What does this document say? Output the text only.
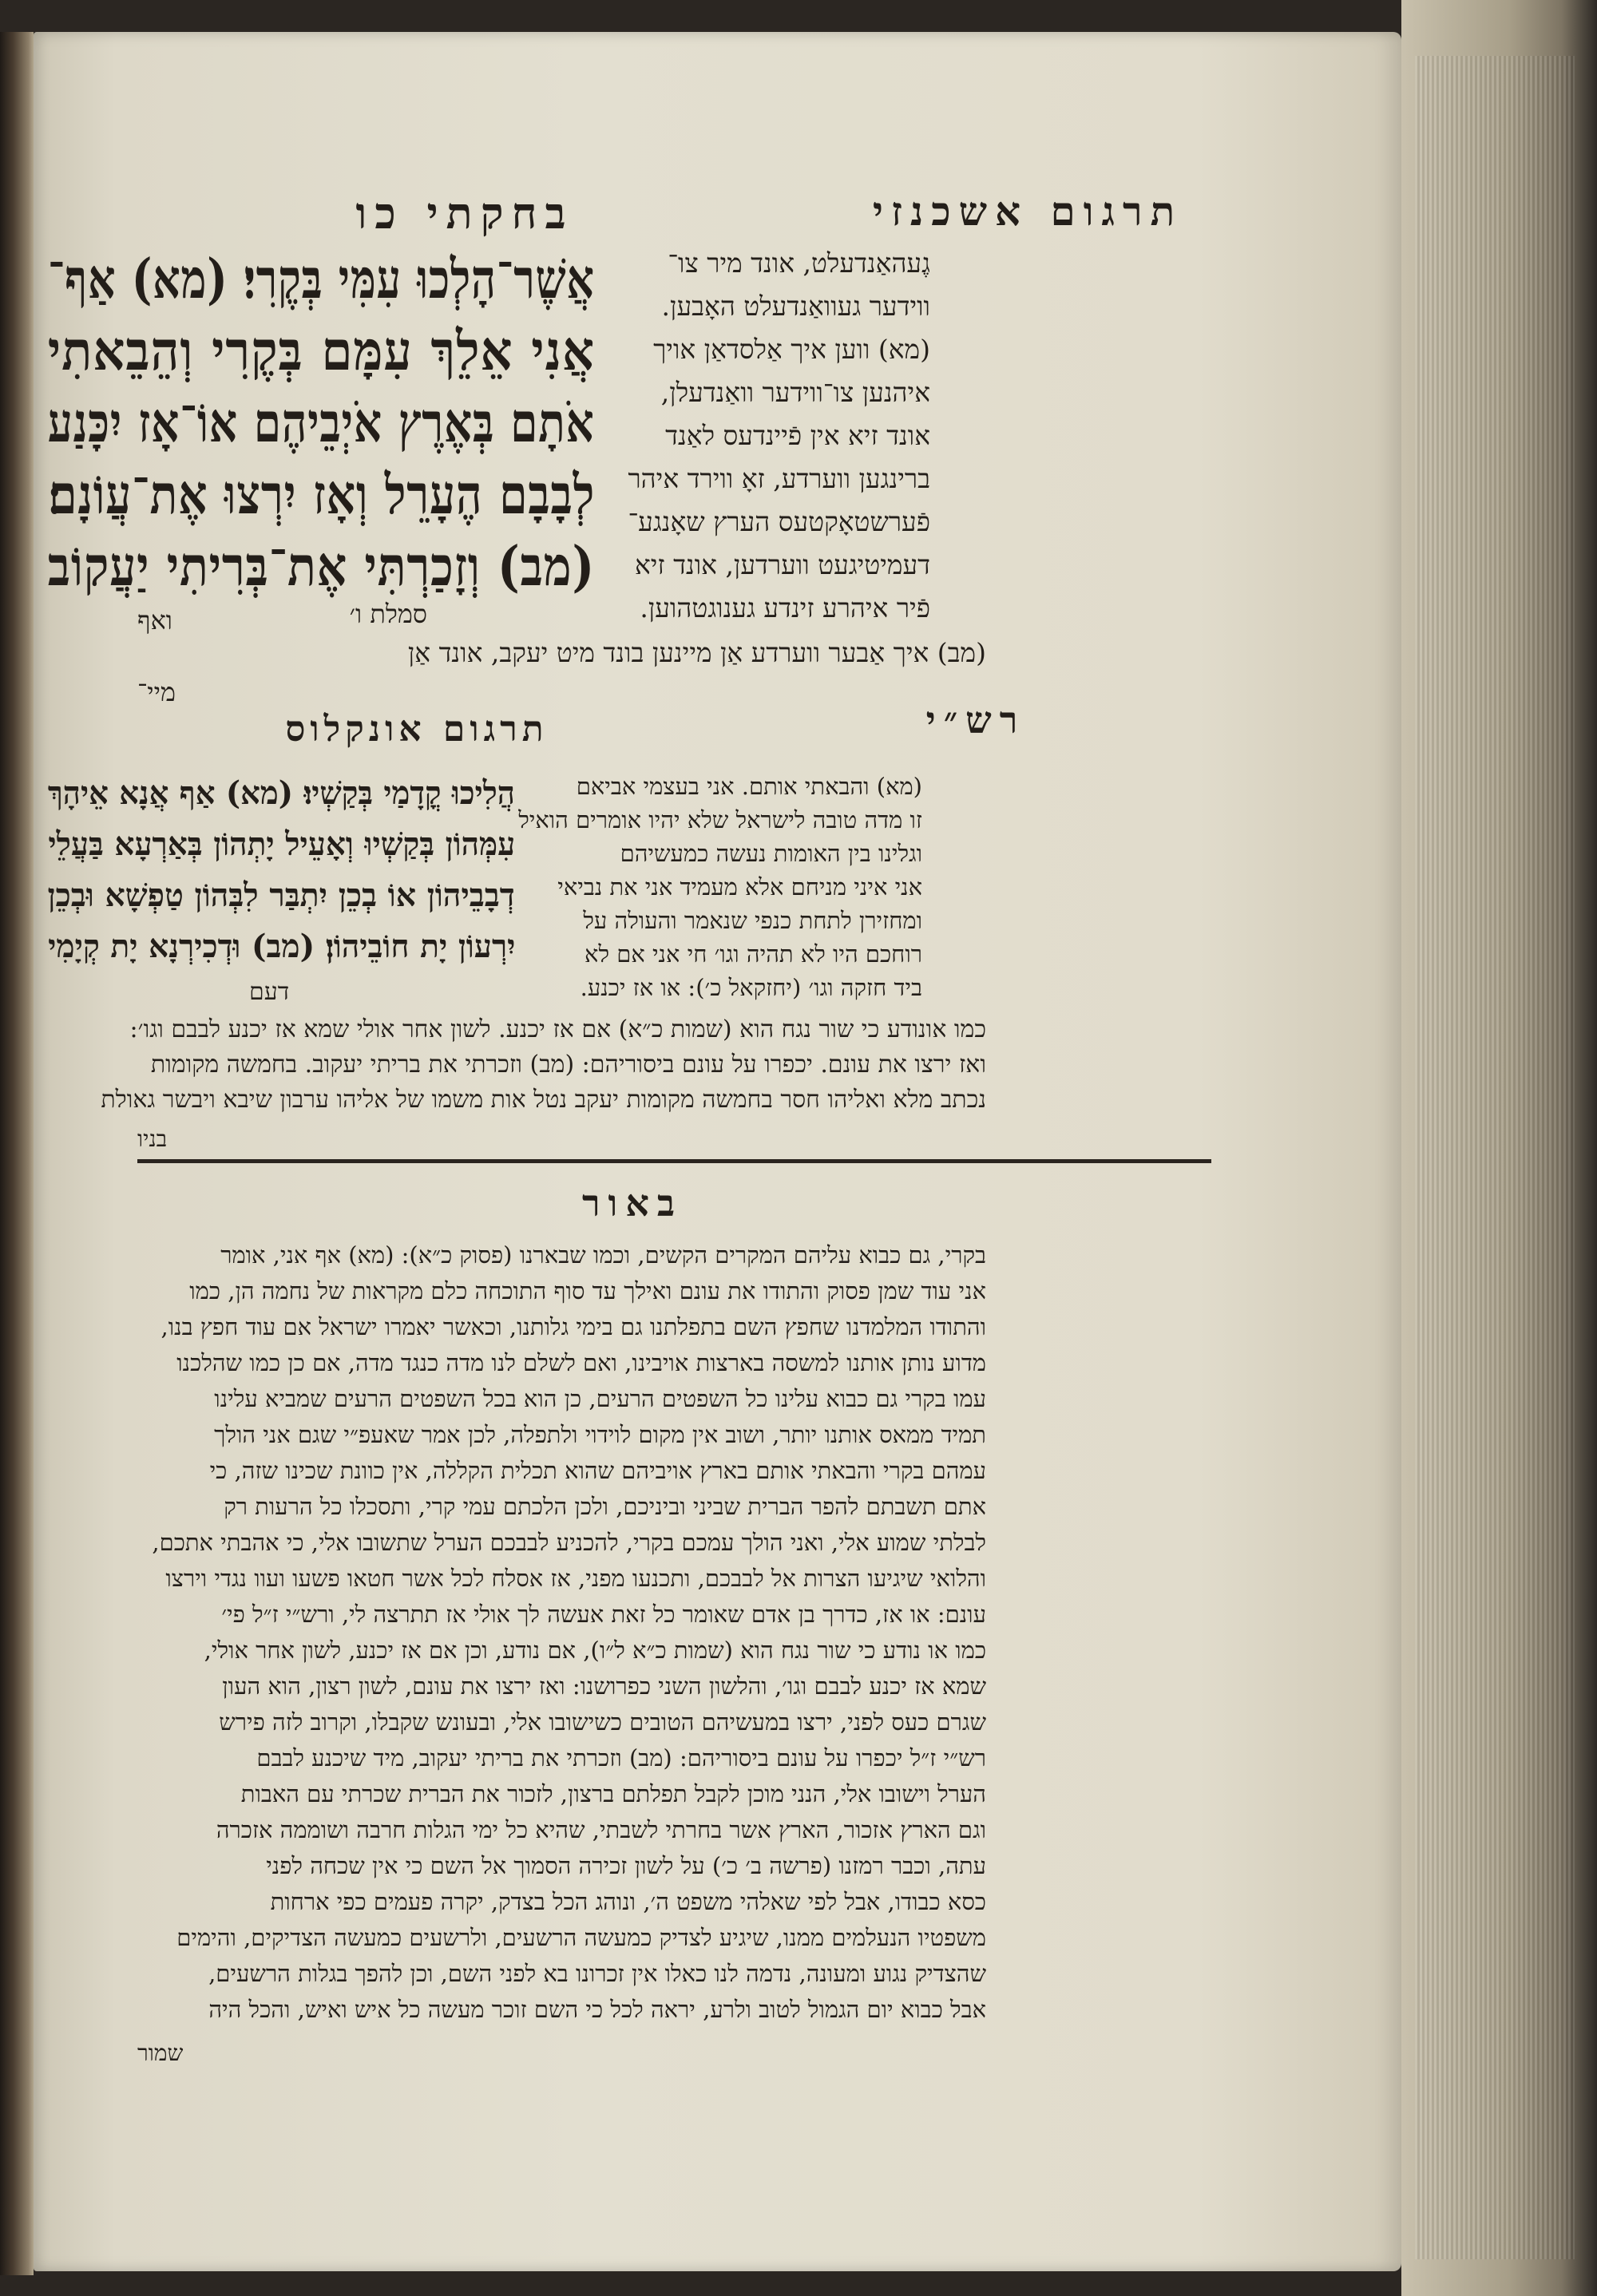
בחקתי כו	תרגום אשכנזי
אֲשֶׁר־הָלְכוּ עִמִּי בְּקֶרִי׃ (מא) אַף־
אֲנִי אֵלֵךְ עִמָּם בְּקֶרִי וְהֵבֵאתִי
אֹתָם בְּאֶרֶץ אֹיְבֵיהֶם אוֹ־אָז יִכָּנַע
לְבָבָם הֶעָרֵל וְאָז יִרְצוּ אֶת־עֲוֹנָם׃
(מב) וְזָכַרְתִּי אֶת־בְּרִיתִי יַעֲקוֹב
סמלת ו׳
ואף
גֶעהאַנדעלט, אונד מיר צו־
ווידער געוואַנדעלט האָבען.
(מא) ווען איך אַלסדאַן אויך
איהנען צו־ווידער וואַנדעלן,
אונד זיא אין פֿיינדעס לאַנד
ברינגען ווערדע, זאָ ווירד איהר
פֿערשטאָקטעס הערץ שאָנגע־
דעמיטיגעט ווערדען, אונד זיא
פֿיר איהרע זינדע גענוגטהוען.
(מב) איך אַבער ווערדע אַן מיינען בונד מיט יעקב, אונד אַן
מיי־
רש״י
תרגום אונקלוס
(מא) והבאתי אותם. אני בעצמי אביאם
זו מדה טובה לישראל שלא יהיו אומרים הואיל
וגלינו בין האומות נעשה כמעשיהם
אני איני מניחם אלא מעמיד אני את נביאי
ומחזירן לתחת כנפי שנאמר והעולה על
רוחכם היו לא תהיה וגו׳ חי אני אם לא
ביד חזקה וגו׳ (יחזקאל כ׳): או אז יכנע.
הֲלִיכוּ קֳדָמַי בְּקַשְׁיוּ׃ (מא) אַף אֲנָא אֵיהָךְ
עִמְּהוֹן בְּקַשְׁיוּ וְאָעֵיל יָתְהוֹן בְּאַרְעָא בַּעֲלֵי
דְבָבֵיהוֹן אוֹ בְכֵן יִתְבַּר לִבְּהוֹן טַפְשָׁא וּבְכֵן
יִרְעוֹן יָת חוֹבֵיהוֹן׃ (מב) וּדְכִירְנָא יָת קְיָמִי
דעם
כמו אונודע כי שור נגח הוא (שמות כ״א) אם אז יכנע. לשון אחר אולי שמא אז יכנע לבבם וגו׳:
ואז ירצו את עונם. יכפרו על עונם ביסוריהם: (מב) וזכרתי את בריתי יעקוב. בחמשה מקומות
נכתב מלא ואליהו חסר בחמשה מקומות יעקב נטל אות משמו של אליהו ערבון שיבא ויבשר גאולת
בניו
באור
בקרי, גם כבוא עליהם המקרים הקשים, וכמו שבארנו (פסוק כ״א): (מא) אף אני, אומר
אני עוד שמן פסוק והתודו את עונם ואילך עד סוף התוכחה כלם מקראות של נחמה הן, כמו
והתודו המלמדנו שחפץ השם בתפלתנו גם בימי גלותנו, וכאשר יאמרו ישראל אם עוד חפץ בנו,
מדוע נותן אותנו למשסה בארצות אויבינו, ואם לשלם לנו מדה כנגד מדה, אם כן כמו שהלכנו
עמו בקרי גם כבוא עלינו כל השפטים הרעים, כן הוא בכל השפטים הרעים שמביא עלינו
תמיד ממאס אותנו יותר, ושוב אין מקום לוידוי ולתפלה, לכן אמר שאעפ״י שגם אני הולך
עמהם בקרי והבאתי אותם בארץ אויביהם שהוא תכלית הקללה, אין כוונת שכינו שזה, כי
אתם תשבתם להפר הברית שביני וביניכם, ולכן הלכתם עמי קרי, ותסכלו כל הרעות רק
לבלתי שמוע אלי, ואני הולך עמכם בקרי, להכניע לבבכם הערל שתשובו אלי, כי אהבתי אתכם,
והלואי שיגיעו הצרות אל לבבכם, ותכנעו מפני, אז אסלח לכל אשר חטאו פשעו ועוו נגדי וירצו
עונם: או אז, כדרך בן אדם שאומר כל זאת אעשה לך אולי אז תתרצה לי, ורש״י ז״ל פי׳
כמו או נודע כי שור נגח הוא (שמות כ״א ל״ו), אם נודע, וכן אם אז יכנע, לשון אחר אולי,
שמא אז יכנע לבבם וגו׳, והלשון השני כפרושנו: ואז ירצו את עונם, לשון רצון, הוא העון
שגרם כעס לפני, ירצו במעשיהם הטובים כשישובו אלי, ובעונש שקבלו, וקרוב לזה פירש
רש״י ז״ל יכפרו על עונם ביסוריהם: (מב) וזכרתי את בריתי יעקוב, מיד שיכנע לבבם
הערל וישובו אלי, הנני מוכן לקבל תפלתם ברצון, לזכור את הברית שכרתי עם האבות
וגם הארץ אזכור, הארץ אשר בחרתי לשבתי, שהיא כל ימי הגלות חרבה ושוממה אזכרה
עתה, וכבר רמזנו (פרשה ב׳ כ׳) על לשון זכירה הסמוך אל השם כי אין שכחה לפני
כסא כבודו, אבל לפי שאלהי משפט ה׳, ונוהג הכל בצדק, יקרה פעמים כפי ארחות
משפטיו הנעלמים ממנו, שיגיע לצדיק כמעשה הרשעים, ולרשעים כמעשה הצדיקים, והימים
שהצדיק נגוע ומעונה, נדמה לנו כאלו אין זכרונו בא לפני השם, וכן להפך בגלות הרשעים,
אבל כבוא יום הגמול לטוב ולרע, יראה לכל כי השם זוכר מעשה כל איש ואיש, והכל היה
שמור
